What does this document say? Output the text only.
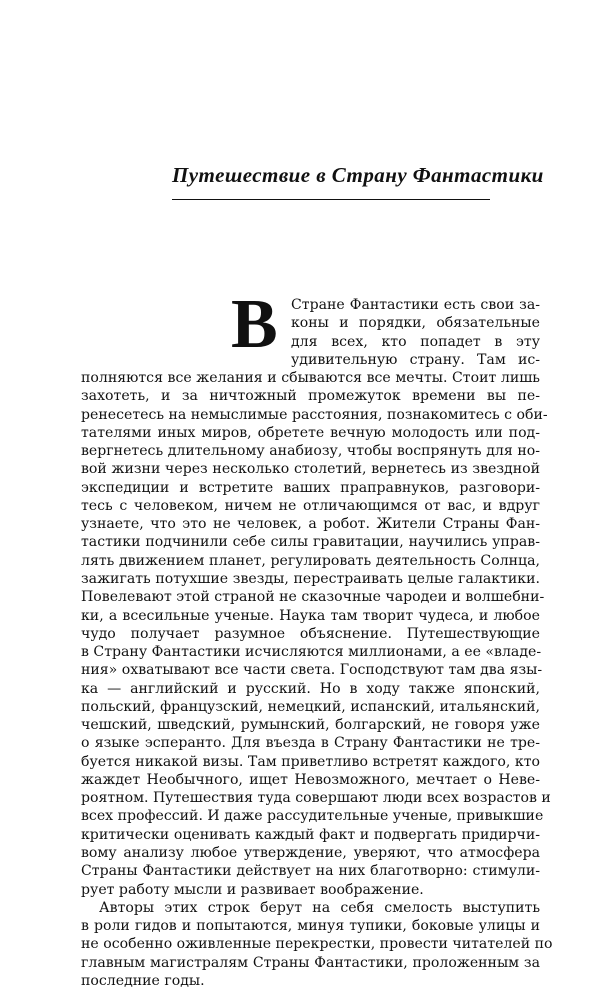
Путешествие в Страну Фантастики
В Стране Фантастики есть свои за-
коны и порядки, обязательные
для всех, кто попадет в эту
удивительную страну. Там ис-
полняются все желания и сбываются все мечты. Стоит лишь
захотеть, и за ничтожный промежуток времени вы пе-
ренесетесь на немыслимые расстояния, познакомитесь с оби-
тателями иных миров, обретете вечную молодость или под-
вергнетесь длительному анабиозу, чтобы воспрянуть для но-
вой жизни через несколько столетий, вернетесь из звездной
экспедиции и встретите ваших праправнуков, разговори-
тесь с человеком, ничем не отличающимся от вас, и вдруг
узнаете, что это не человек, а робот. Жители Страны Фан-
тастики подчинили себе силы гравитации, научились управ-
лять движением планет, регулировать деятельность Солнца,
зажигать потухшие звезды, перестраивать целые галактики.
Повелевают этой страной не сказочные чародеи и волшебни-
ки, а всесильные ученые. Наука там творит чудеса, и любое
чудо получает разумное объяснение. Путешествующие
в Страну Фантастики исчисляются миллионами, а ее «владе-
ния» охватывают все части света. Господствуют там два язы-
ка — английский и русский. Но в ходу также японский,
польский, французский, немецкий, испанский, итальянский,
чешский, шведский, румынский, болгарский, не говоря уже
о языке эсперанто. Для въезда в Страну Фантастики не тре-
буется никакой визы. Там приветливо встретят каждого, кто
жаждет Необычного, ищет Невозможного, мечтает о Неве-
роятном. Путешествия туда совершают люди всех возрастов и
всех профессий. И даже рассудительные ученые, привыкшие
критически оценивать каждый факт и подвергать придирчи-
вому анализу любое утверждение, уверяют, что атмосфера
Страны Фантастики действует на них благотворно: стимули-
рует работу мысли и развивает воображение.
Авторы этих строк берут на себя смелость выступить
в роли гидов и попытаются, минуя тупики, боковые улицы и
не особенно оживленные перекрестки, провести читателей по
главным магистралям Страны Фантастики, проложенным за
последние годы.
